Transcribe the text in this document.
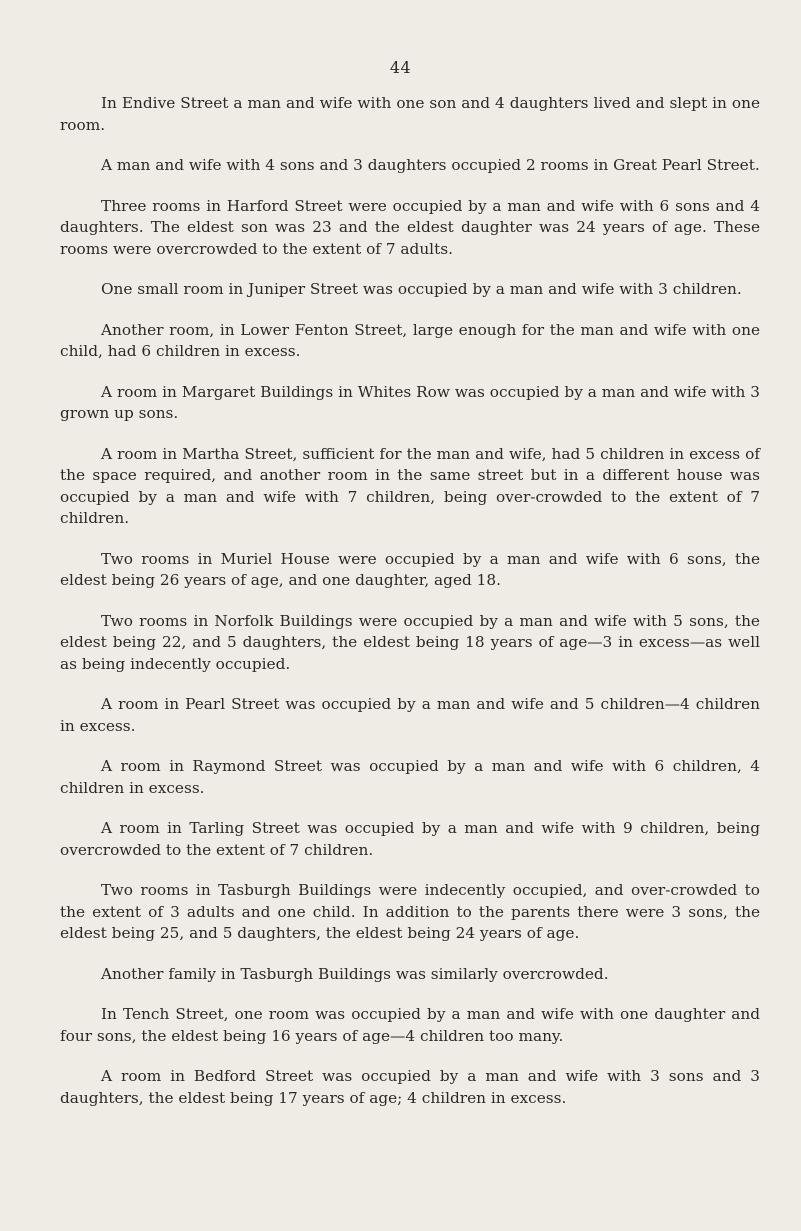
44

In Endive Street a man and wife with one son and 4 daughters lived and slept in one room.

A man and wife with 4 sons and 3 daughters occupied 2 rooms in Great Pearl Street.

Three rooms in Harford Street were occupied by a man and wife with 6 sons and 4 daughters. The eldest son was 23 and the eldest daughter was 24 years of age. These rooms were overcrowded to the extent of 7 adults.

One small room in Juniper Street was occupied by a man and wife with 3 children.

Another room, in Lower Fenton Street, large enough for the man and wife with one child, had 6 children in excess.

A room in Margaret Buildings in Whites Row was occupied by a man and wife with 3 grown up sons.

A room in Martha Street, sufficient for the man and wife, had 5 children in excess of the space required, and another room in the same street but in a different house was occupied by a man and wife with 7 children, being over-crowded to the extent of 7 children.

Two rooms in Muriel House were occupied by a man and wife with 6 sons, the eldest being 26 years of age, and one daughter, aged 18.

Two rooms in Norfolk Buildings were occupied by a man and wife with 5 sons, the eldest being 22, and 5 daughters, the eldest being 18 years of age—3 in excess—as well as being indecently occupied.

A room in Pearl Street was occupied by a man and wife and 5 children—4 children in excess.

A room in Raymond Street was occupied by a man and wife with 6 children, 4 children in excess.

A room in Tarling Street was occupied by a man and wife with 9 children, being overcrowded to the extent of 7 children.

Two rooms in Tasburgh Buildings were indecently occupied, and over-crowded to the extent of 3 adults and one child. In addition to the parents there were 3 sons, the eldest being 25, and 5 daughters, the eldest being 24 years of age.

Another family in Tasburgh Buildings was similarly overcrowded.

In Tench Street, one room was occupied by a man and wife with one daughter and four sons, the eldest being 16 years of age—4 children too many.

A room in Bedford Street was occupied by a man and wife with 3 sons and 3 daughters, the eldest being 17 years of age; 4 children in excess.
